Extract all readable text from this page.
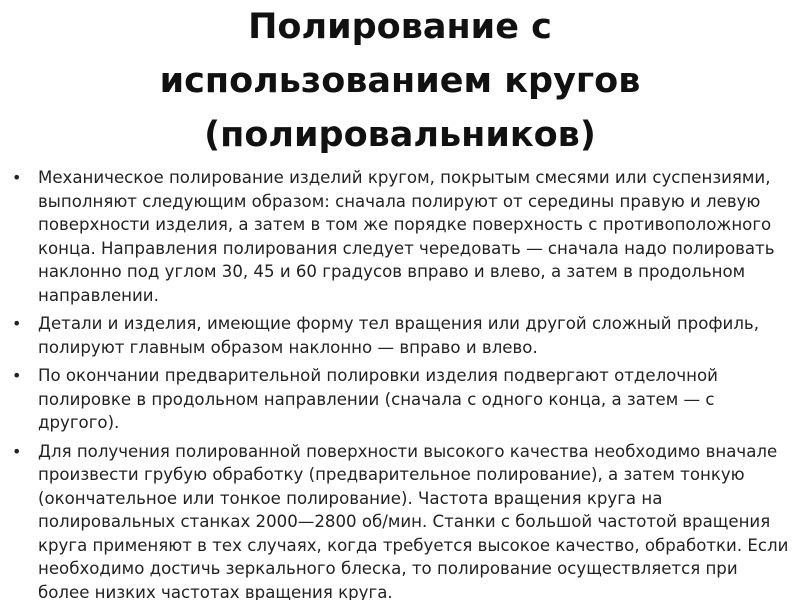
Полирование с
использованием кругов
(полировальников)
• Механическое полирование изделий кругом, покрытым смесями или суспензиями, выполняют следующим образом: сначала полируют от середины правую и левую поверхности изделия, а затем в том же порядке поверхность с противоположного конца. Направления полирования следует чередовать — сначала надо полировать наклонно под углом 30, 45 и 60 градусов вправо и влево, а затем в продольном направлении.
• Детали и изделия, имеющие форму тел вращения или другой сложный профиль, полируют главным образом наклонно — вправо и влево.
• По окончании предварительной полировки изделия подвергают отделочной полировке в продольном направлении (сначала с одного конца, а затем — с другого).
• Для получения полированной поверхности высокого качества необходимо вначале произвести грубую обработку (предварительное полирование), а затем тонкую (окончательное или тонкое полирование). Частота вращения круга на полировальных станках 2000—2800 об/мин. Станки с большой частотой вращения круга применяют в тех случаях, когда требуется высокое качество, обработки. Если необходимо достичь зеркального блеска, то полирование осуществляется при более низких частотах вращения круга.
